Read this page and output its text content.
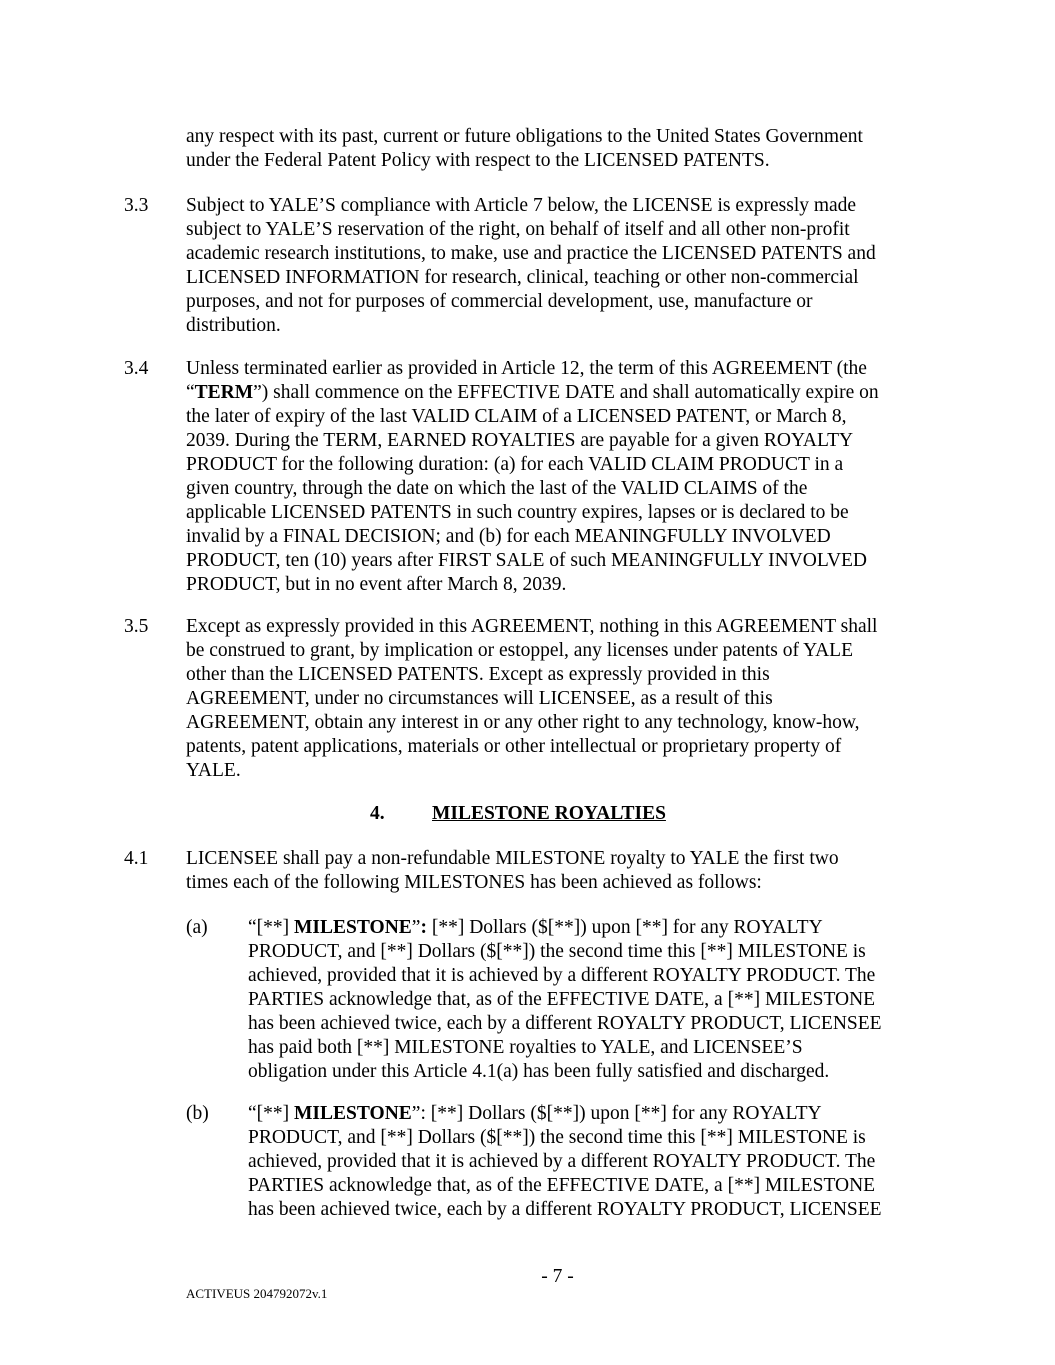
any respect with its past, current or future obligations to the United States Government
under the Federal Patent Policy with respect to the LICENSED PATENTS.
3.3 Subject to YALE’S compliance with Article 7 below, the LICENSE is expressly made
subject to YALE’S reservation of the right, on behalf of itself and all other non-profit
academic research institutions, to make, use and practice the LICENSED PATENTS and
LICENSED INFORMATION for research, clinical, teaching or other non-commercial
purposes, and not for purposes of commercial development, use, manufacture or
distribution.
3.4 Unless terminated earlier as provided in Article 12, the term of this AGREEMENT (the
“TERM”) shall commence on the EFFECTIVE DATE and shall automatically expire on
the later of expiry of the last VALID CLAIM of a LICENSED PATENT, or March 8,
2039. During the TERM, EARNED ROYALTIES are payable for a given ROYALTY
PRODUCT for the following duration: (a) for each VALID CLAIM PRODUCT in a
given country, through the date on which the last of the VALID CLAIMS of the
applicable LICENSED PATENTS in such country expires, lapses or is declared to be
invalid by a FINAL DECISION; and (b) for each MEANINGFULLY INVOLVED
PRODUCT, ten (10) years after FIRST SALE of such MEANINGFULLY INVOLVED
PRODUCT, but in no event after March 8, 2039.
3.5 Except as expressly provided in this AGREEMENT, nothing in this AGREEMENT shall
be construed to grant, by implication or estoppel, any licenses under patents of YALE
other than the LICENSED PATENTS. Except as expressly provided in this
AGREEMENT, under no circumstances will LICENSEE, as a result of this
AGREEMENT, obtain any interest in or any other right to any technology, know-how,
patents, patent applications, materials or other intellectual or proprietary property of
YALE.
4. MILESTONE ROYALTIES
4.1 LICENSEE shall pay a non-refundable MILESTONE royalty to YALE the first two
times each of the following MILESTONES has been achieved as follows:
(a) “[**] MILESTONE”: [**] Dollars ($[**]) upon [**] for any ROYALTY
PRODUCT, and [**] Dollars ($[**]) the second time this [**] MILESTONE is
achieved, provided that it is achieved by a different ROYALTY PRODUCT. The
PARTIES acknowledge that, as of the EFFECTIVE DATE, a [**] MILESTONE
has been achieved twice, each by a different ROYALTY PRODUCT, LICENSEE
has paid both [**] MILESTONE royalties to YALE, and LICENSEE’S
obligation under this Article 4.1(a) has been fully satisfied and discharged.
(b) “[**] MILESTONE”: [**] Dollars ($[**]) upon [**] for any ROYALTY
PRODUCT, and [**] Dollars ($[**]) the second time this [**] MILESTONE is
achieved, provided that it is achieved by a different ROYALTY PRODUCT. The
PARTIES acknowledge that, as of the EFFECTIVE DATE, a [**] MILESTONE
has been achieved twice, each by a different ROYALTY PRODUCT, LICENSEE
- 7 -
ACTIVEUS 204792072v.1
